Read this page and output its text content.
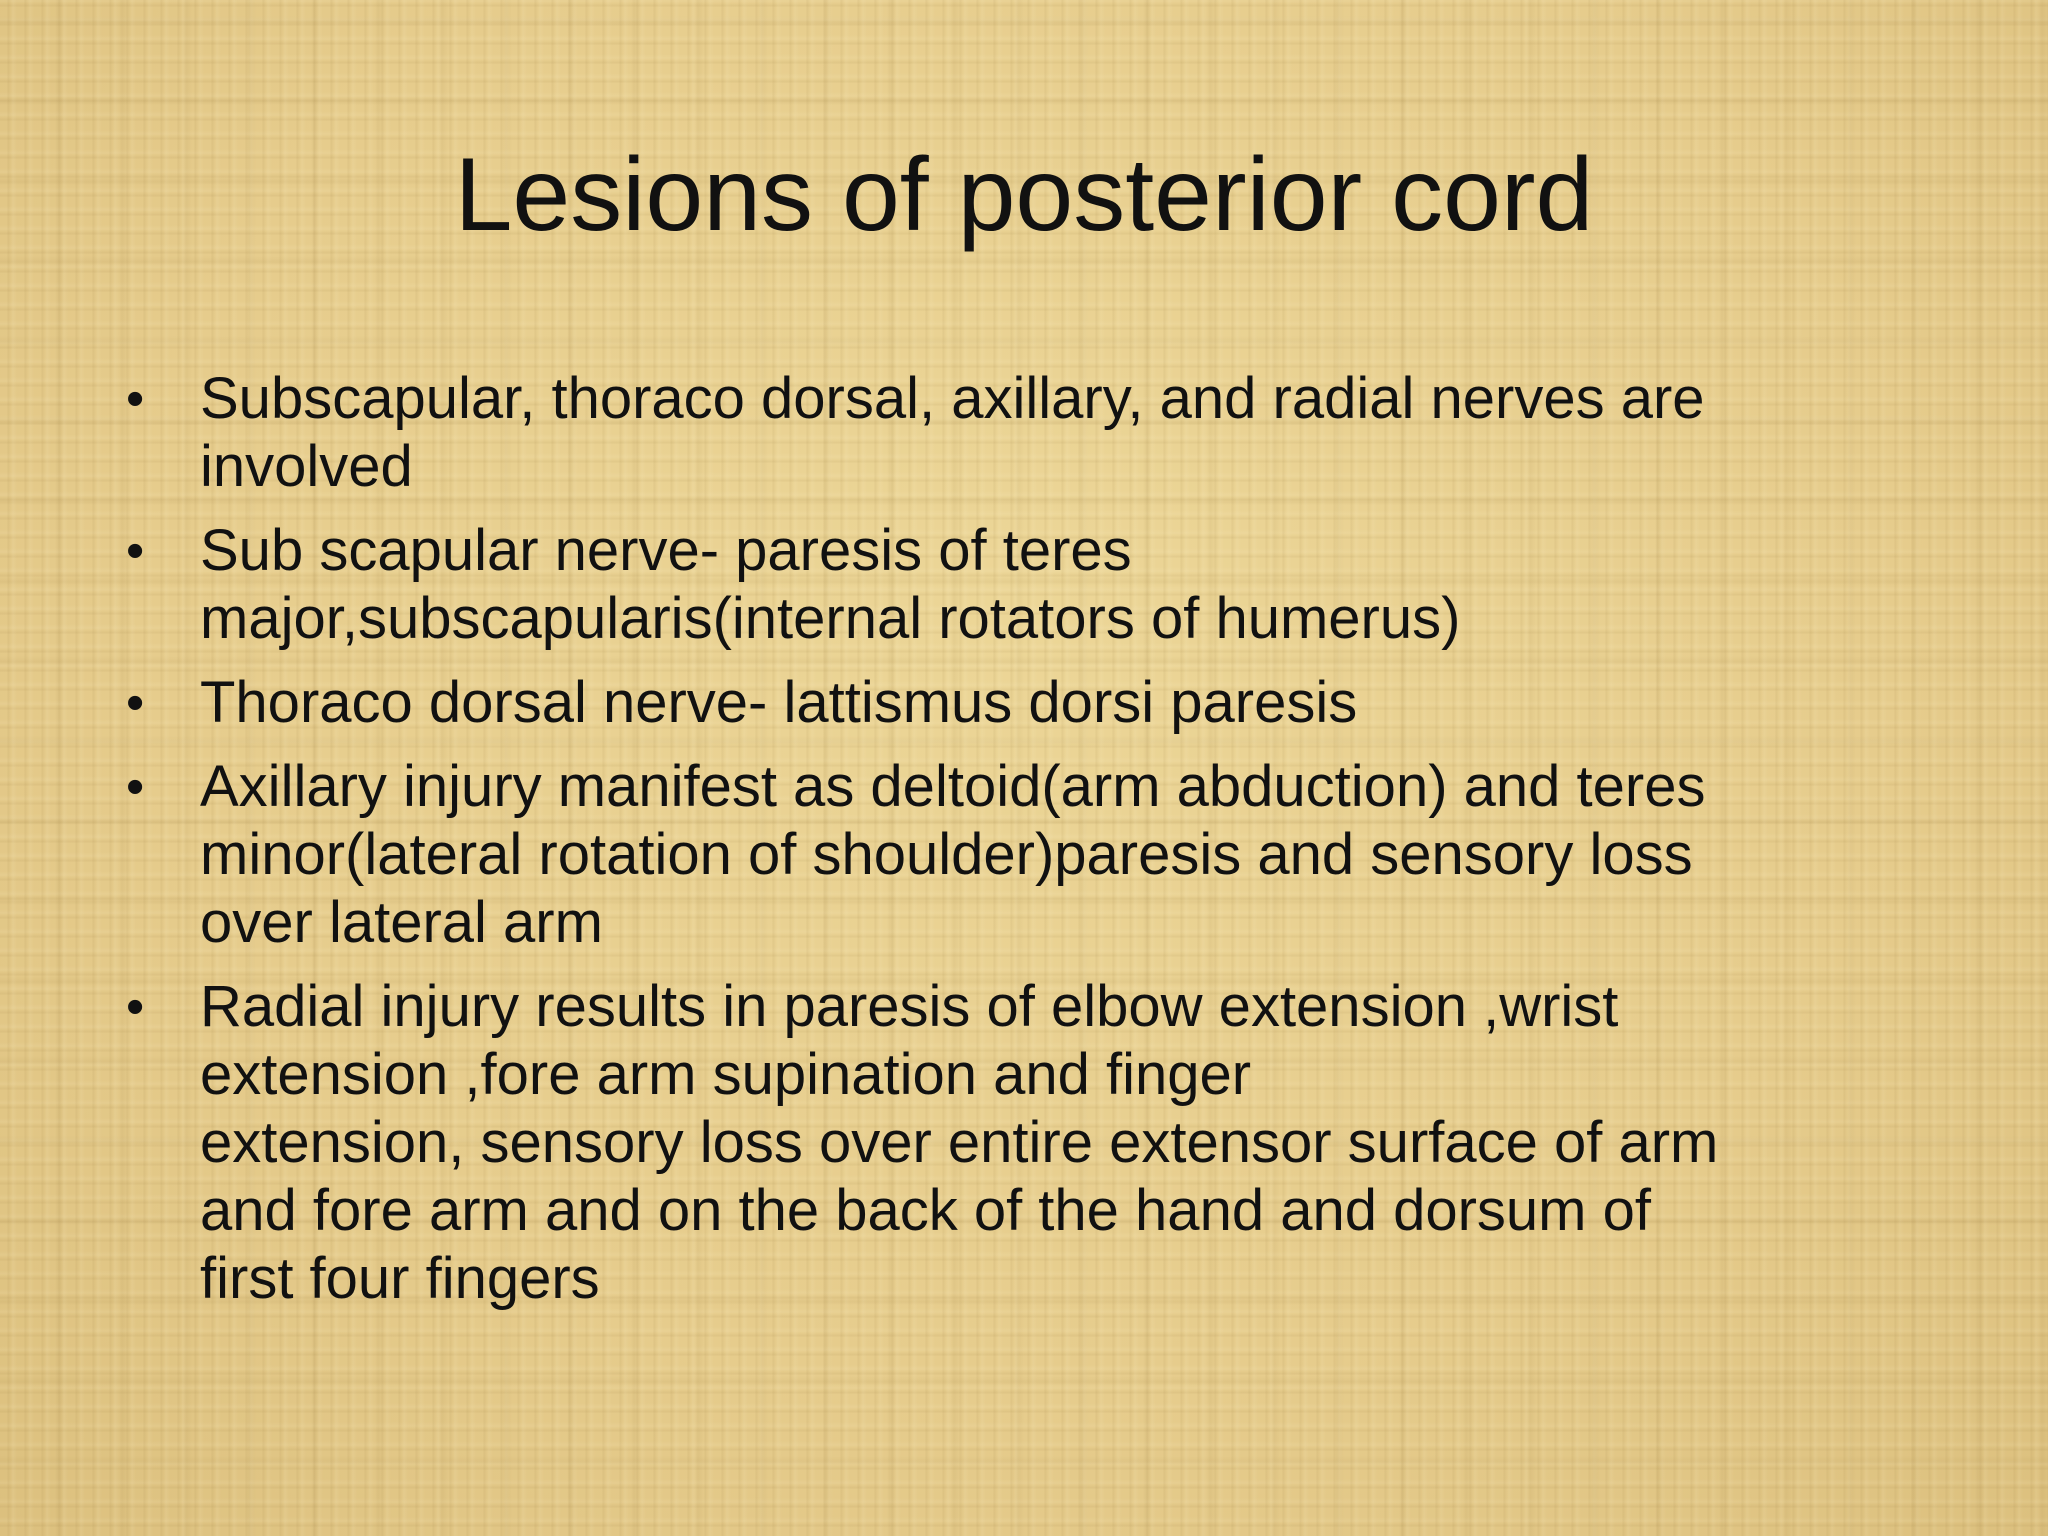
Lesions of posterior cord
• Subscapular, thoraco dorsal, axillary, and radial nerves are
involved
• Sub scapular nerve- paresis of teres
major,subscapularis(internal rotators of humerus)
• Thoraco dorsal nerve- lattismus dorsi paresis
• Axillary injury manifest as deltoid(arm abduction) and teres
minor(lateral rotation of shoulder)paresis and sensory loss
over lateral arm
• Radial injury results in paresis of elbow extension ,wrist
extension ,fore arm supination and finger
extension, sensory loss over entire extensor surface of arm
and fore arm and on the back of the hand and dorsum of
first four fingers
